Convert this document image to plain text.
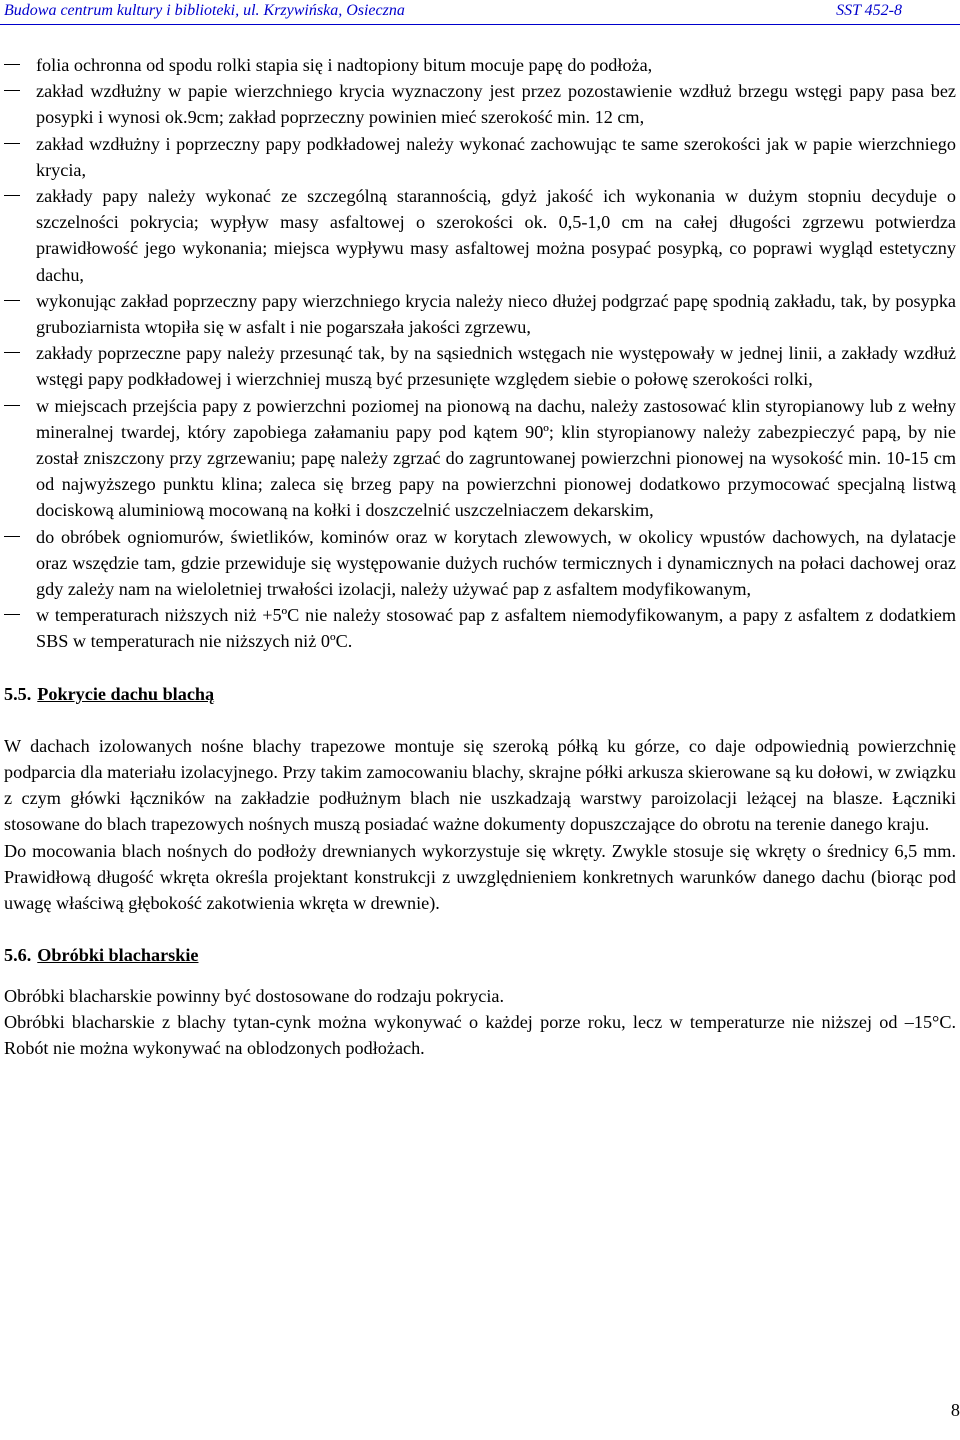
Budowa centrum kultury i biblioteki, ul. Krzywińska, Osieczna	SST 452-8
folia ochronna od spodu rolki stapia się i nadtopiony bitum mocuje papę do podłoża,
zakład wzdłużny w papie wierzchniego krycia wyznaczony jest przez pozostawienie wzdłuż brzegu wstęgi papy pasa bez posypki i wynosi ok.9cm; zakład poprzeczny powinien mieć szerokość min. 12 cm,
zakład wzdłużny i poprzeczny papy podkładowej należy wykonać zachowując te same szerokości jak w papie wierzchniego krycia,
zakłady papy należy wykonać ze szczególną starannością, gdyż jakość ich wykonania w dużym stopniu decyduje o szczelności pokrycia; wypływ masy asfaltowej o szerokości ok. 0,5-1,0 cm na całej długości zgrzewu potwierdza prawidłowość jego wykonania; miejsca wypływu masy asfaltowej można posypać posypką, co poprawi wygląd estetyczny dachu,
wykonując zakład poprzeczny papy wierzchniego krycia należy nieco dłużej podgrzać papę spodnią zakładu, tak, by posypka gruboziarnista wtopiła się w asfalt i nie pogarszała jakości zgrzewu,
zakłady poprzeczne papy należy przesunąć tak, by na sąsiednich wstęgach nie występowały w jednej linii, a zakłady wzdłuż wstęgi papy podkładowej i wierzchniej muszą być przesunięte względem siebie o połowę szerokości rolki,
w miejscach przejścia papy z powierzchni poziomej na pionową na dachu, należy zastosować klin styropianowy lub z wełny mineralnej twardej, który zapobiega załamaniu papy pod kątem 90º; klin styropianowy należy zabezpieczyć papą, by nie został zniszczony przy zgrzewaniu; papę należy zgrzać do zagruntowanej powierzchni pionowej na wysokość min. 10-15 cm od najwyższego punktu klina; zaleca się brzeg papy na powierzchni pionowej dodatkowo przymocować specjalną listwą dociskową aluminiową mocowaną na kołki i doszczelnić uszczelniaczem dekarskim,
do obróbek ogniomurów, świetlików, kominów oraz w korytach zlewowych, w okolicy wpustów dachowych, na dylatacje oraz wszędzie tam, gdzie przewiduje się występowanie dużych ruchów termicznych i dynamicznych na połaci dachowej oraz gdy zależy nam na wieloletniej trwałości izolacji, należy używać pap z asfaltem modyfikowanym,
w temperaturach niższych niż +5ºC nie należy stosować pap z asfaltem niemodyfikowanym, a papy z asfaltem z dodatkiem SBS w temperaturach nie niższych niż 0ºC.
5.5. Pokrycie dachu blachą

W dachach izolowanych nośne blachy trapezowe montuje się szeroką półką ku górze, co daje odpowiednią powierzchnię podparcia dla materiału izolacyjnego. Przy takim zamocowaniu blachy, skrajne półki arkusza skierowane są ku dołowi, w związku z czym główki łączników na zakładzie podłużnym blach nie uszkadzają warstwy paroizolacji leżącej na blasze. Łączniki stosowane do blach trapezowych nośnych muszą posiadać ważne dokumenty dopuszczające do obrotu na terenie danego kraju.

Do mocowania blach nośnych do podłoży drewnianych wykorzystuje się wkręty. Zwykle stosuje się wkręty o średnicy 6,5 mm. Prawidłową długość wkręta określa projektant konstrukcji z uwzględnieniem konkretnych warunków danego dachu (biorąc pod uwagę właściwą głębokość zakotwienia wkręta w drewnie).

5.6. Obróbki blacharskie

Obróbki blacharskie powinny być dostosowane do rodzaju pokrycia.

Obróbki blacharskie z blachy tytan-cynk można wykonywać o każdej porze roku, lecz w temperaturze nie niższej od –15°C. Robót nie można wykonywać na oblodzonych podłożach.

8
